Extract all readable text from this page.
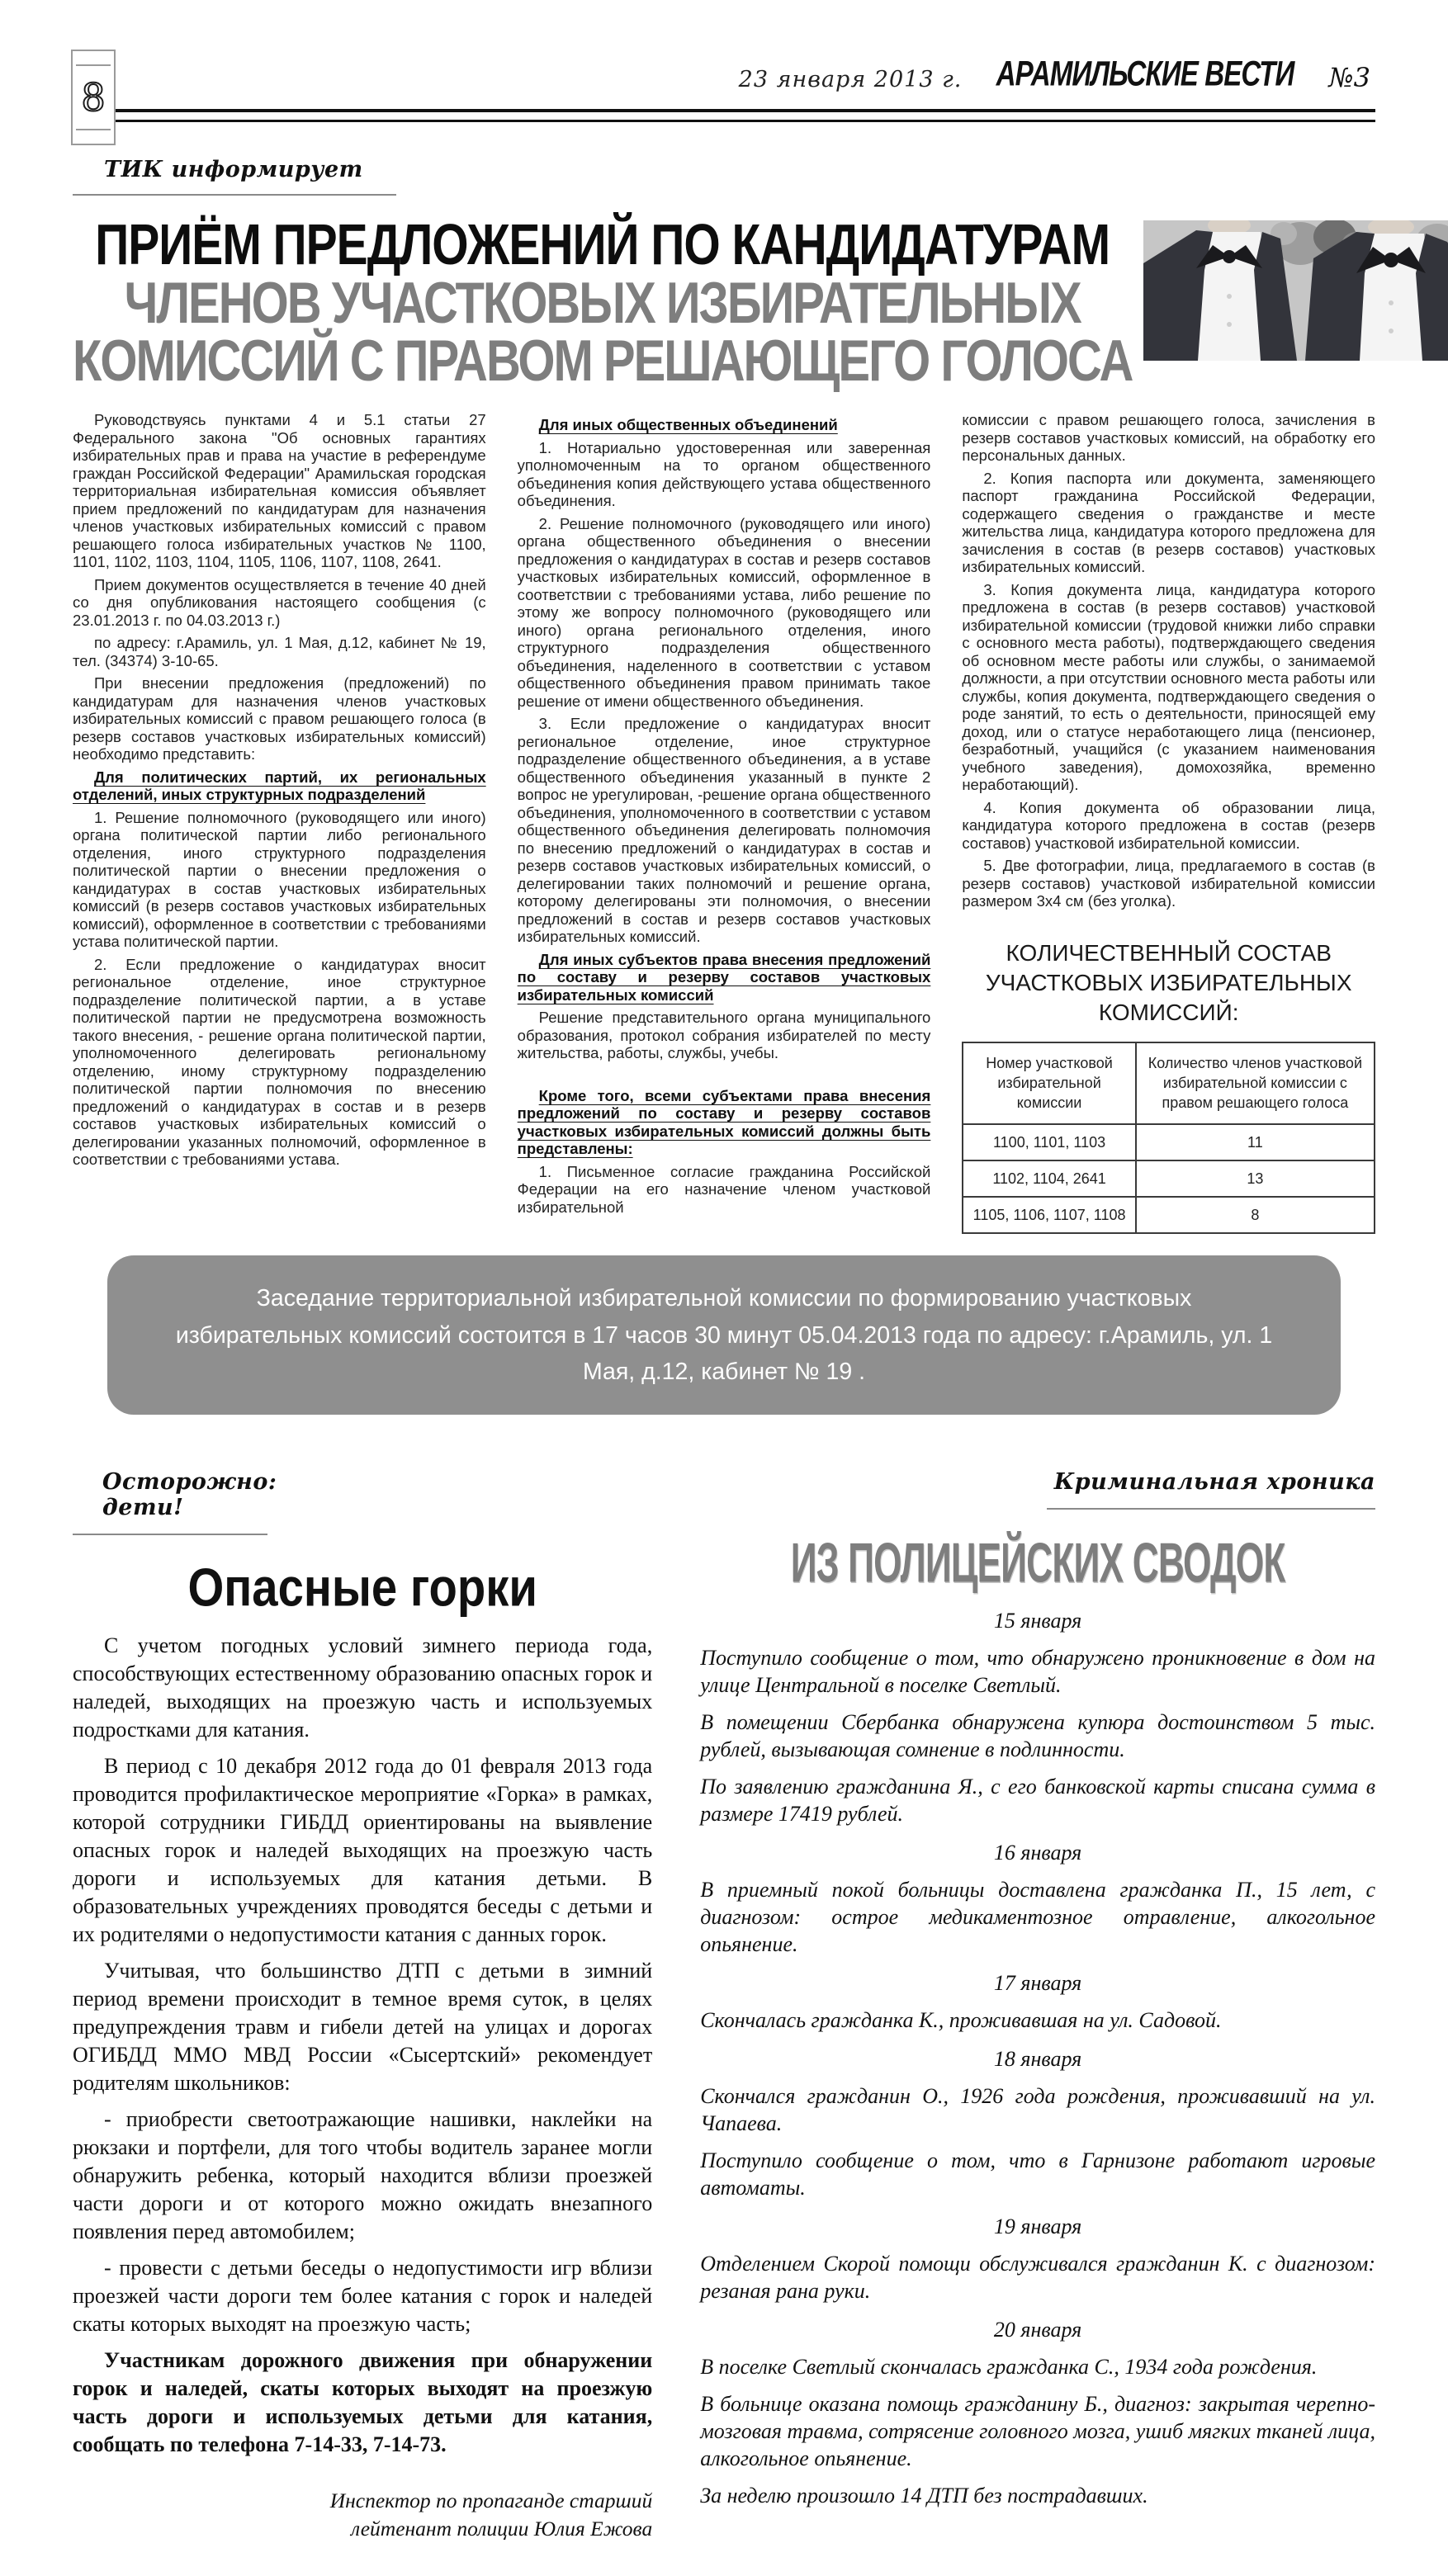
8	23 января 2013 г. АРАМИЛЬСКИЕ ВЕСТИ №3
ТИК информирует
ПРИЁМ ПРЕДЛОЖЕНИЙ ПО КАНДИДАТУРАМ
ЧЛЕНОВ УЧАСТКОВЫХ ИЗБИРАТЕЛЬНЫХ
КОМИССИЙ С ПРАВОМ РЕШАЮЩЕГО ГОЛОСА

Руководствуясь пунктами 4 и 5.1 статьи 27 Федерального закона "Об основных гарантиях избирательных прав и права на участие в референдуме граждан Российской Федерации" Арамильская городская территориальная избирательная комиссия объявляет прием предложений по кандидатурам для назначения членов участковых избирательных комиссий с правом решающего голоса избирательных участков № 1100, 1101, 1102, 1103, 1104, 1105, 1106, 1107, 1108, 2641.

Прием документов осуществляется в течение 40 дней со дня опубликования настоящего сообщения (с 23.01.2013 г. по 04.03.2013 г.)

по адресу: г.Арамиль, ул. 1 Мая, д.12, кабинет № 19, тел. (34374) 3-10-65.

При внесении предложения (предложений) по кандидатурам для назначения членов участковых избирательных комиссий с правом решающего голоса (в резерв составов участковых избирательных комиссий) необходимо представить:

Для политических партий, их региональных отделений, иных структурных подразделений

1. Решение полномочного (руководящего или иного) органа политической партии либо регионального отделения, иного структурного подразделения политической партии о внесении предложения о кандидатурах в состав участковых избирательных комиссий (в резерв составов участковых избирательных комиссий), оформленное в соответствии с требованиями устава политической партии.

2. Если предложение о кандидатурах вносит региональное отделение, иное структурное подразделение политической партии, а в уставе политической партии не предусмотрена возможность такого внесения, - решение органа политической партии, уполномоченного делегировать региональному отделению, иному структурному подразделению политической партии полномочия по внесению предложений о кандидатурах в состав и в резерв составов участковых избирательных комиссий о делегировании указанных полномочий, оформленное в соответствии с требованиями устава.

Для иных общественных объединений

1. Нотариально удостоверенная или заверенная уполномоченным на то органом общественного объединения копия действующего устава общественного объединения.

2. Решение полномочного (руководящего или иного) органа общественного объединения о внесении предложения о кандидатурах в состав и резерв составов участковых избирательных комиссий, оформленное в соответствии с требованиями устава, либо решение по этому же вопросу полномочного (руководящего или иного) органа регионального отделения, иного структурного подразделения общественного объединения, наделенного в соответствии с уставом общественного объединения правом принимать такое решение от имени общественного объединения.

3. Если предложение о кандидатурах вносит региональное отделение, иное структурное подразделение общественного объединения, а в уставе общественного объединения указанный в пункте 2 вопрос не урегулирован, -решение органа общественного объединения, уполномоченного в соответствии с уставом общественного объединения делегировать полномочия по внесению предложений о кандидатурах в состав и резерв составов участковых избирательных комиссий, о делегировании таких полномочий и решение органа, которому делегированы эти полномочия, о внесении предложений в состав и резерв составов участковых избирательных комиссий.

Для иных субъектов права внесения предложений по составу и резерву составов участковых избирательных комиссий

Решение представительного органа муниципального образования, протокол собрания избирателей по месту жительства, работы, службы, учебы.

Кроме того, всеми субъектами права внесения предложений по составу и резерву составов участковых избирательных комиссий должны быть представлены:

1. Письменное согласие гражданина Российской Федерации на его назначение членом участковой избирательной

комиссии с правом решающего голоса, зачисления в резерв составов участковых комиссий, на обработку его персональных данных.

2. Копия паспорта или документа, заменяющего паспорт гражданина Российской Федерации, содержащего сведения о гражданстве и месте жительства лица, кандидатура которого предложена для зачисления в состав (в резерв составов) участковых избирательных комиссий.

3. Копия документа лица, кандидатура которого предложена в состав (в резерв составов) участковой избирательной комиссии (трудовой книжки либо справки с основного места работы), подтверждающего сведения об основном месте работы или службы, о занимаемой должности, а при отсутствии основного места работы или службы, копия документа, подтверждающего сведения о роде занятий, то есть о деятельности, приносящей ему доход, или о статусе неработающего лица (пенсионер, безработный, учащийся (с указанием наименования учебного заведения), домохозяйка, временно неработающий).

4. Копия документа об образовании лица, кандидатура которого предложена в состав (резерв составов) участковой избирательной комиссии.

5. Две фотографии, лица, предлагаемого в состав (в резерв составов) участковой избирательной комиссии размером 3х4 см (без уголка).

КОЛИЧЕСТВЕННЫЙ СОСТАВ УЧАСТКОВЫХ ИЗБИРАТЕЛЬНЫХ КОМИССИЙ:
Номер участковой избирательной комиссии	Количество членов участковой избирательной комиссии с правом решающего голоса
1100, 1101, 1103	11
1102, 1104, 2641	13
1105, 1106, 1107, 1108	8
Заседание территориальной избирательной комиссии по формированию участковых избирательных комиссий состоится в 17 часов 30 минут 05.04.2013 года по адресу: г.Арамиль, ул. 1 Мая, д.12, кабинет № 19 .
Осторожно: дети!
Опасные горки

С учетом погодных условий зимнего периода года, способствующих естественному образованию опасных горок и наледей, выходящих на проезжую часть и используемых подростками для катания.

В период с 10 декабря 2012 года до 01 февраля 2013 года проводится профилактическое мероприятие «Горка» в рамках, которой сотрудники ГИБДД ориентированы на выявление опасных горок и наледей выходящих на проезжую часть дороги и используемых для катания детьми. В образовательных учреждениях проводятся беседы с детьми и их родителями о недопустимости катания с данных горок.

Учитывая, что большинство ДТП с детьми в зимний период времени происходит в темное время суток, в целях предупреждения травм и гибели детей на улицах и дорогах ОГИБДД ММО МВД России «Сысертский» рекомендует родителям школьников:

- приобрести светоотражающие нашивки, наклейки на рюкзаки и портфели, для того чтобы водитель заранее могли обнаружить ребенка, который находится вблизи проезжей части дороги и от которого можно ожидать внезапного появления перед автомобилем;

- провести с детьми беседы о недопустимости игр вблизи проезжей части дороги тем более катания с горок и наледей скаты которых выходят на проезжую часть;

Участникам дорожного движения при обнаружении горок и наледей, скаты которых выходят на проезжую часть дороги и используемых детьми для катания, сообщать по телефона 7-14-33, 7-14-73.

Инспектор по пропаганде старший лейтенант полиции Юлия Ежова
Криминальная хроника
ИЗ ПОЛИЦЕЙСКИХ СВОДОК
15 января

Поступило сообщение о том, что обнаружено проникновение в дом на улице Центральной в поселке Светлый.

В помещении Сбербанка обнаружена купюра достоинством 5 тыс. рублей, вызывающая сомнение в подлинности.

По заявлению гражданина Я., с его банковской карты списана сумма в размере 17419 рублей.

16 января

В приемный покой больницы доставлена гражданка П., 15 лет, с диагнозом: острое медикаментозное отравление, алкогольное опьянение.

17 января

Скончалась гражданка К., проживавшая на ул. Садовой.

18 января

Скончался гражданин О., 1926 года рождения, проживавший на ул. Чапаева.

Поступило сообщение о том, что в Гарнизоне работают игровые автоматы.

19 января

Отделением Скорой помощи обслуживался гражданин К. с диагнозом: резаная рана руки.

20 января

В поселке Светлый скончалась гражданка С., 1934 года рождения.

В больнице оказана помощь гражданину Б., диагноз: закрытая черепно-мозговая травма, сотрясение головного мозга, ушиб мягких тканей лица, алкогольное опьянение.

За неделю произошло 14 ДТП без пострадавших.
